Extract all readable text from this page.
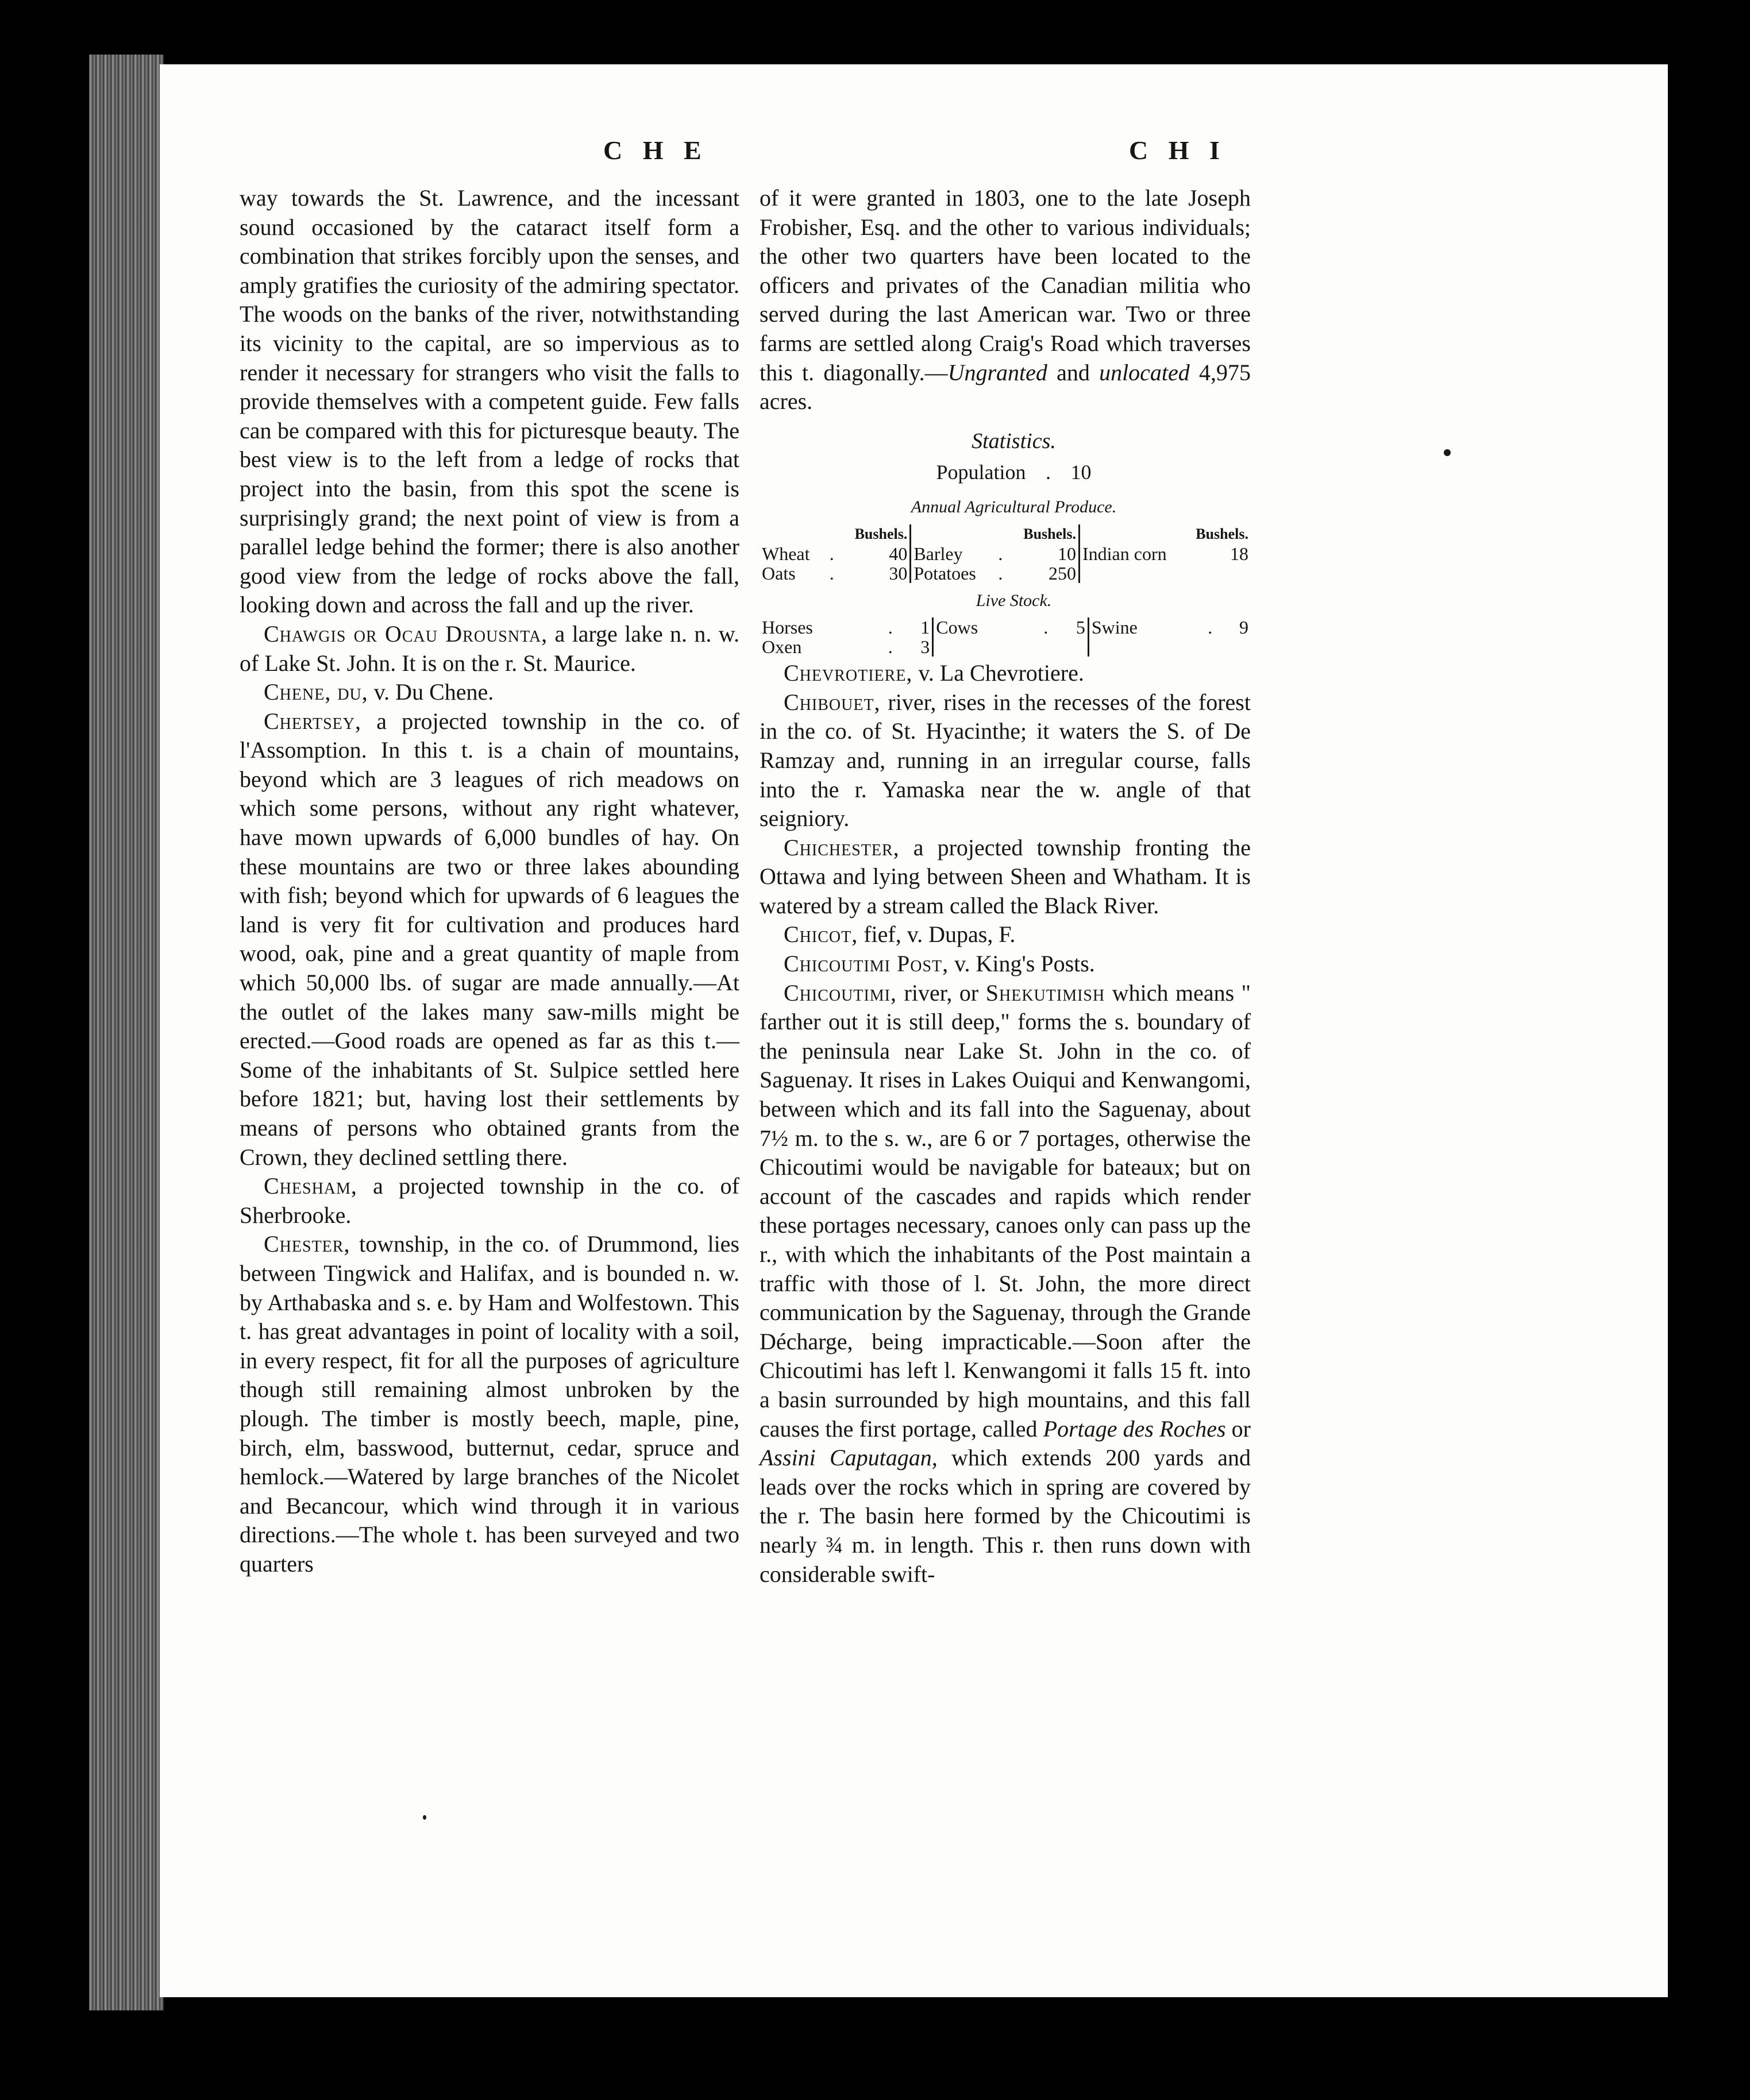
C H E	C H I

way towards the St. Lawrence, and the incessant sound occasioned by the cataract itself form a combination that strikes forcibly upon the senses, and amply gratifies the curiosity of the admiring spectator. The woods on the banks of the river, notwithstanding its vicinity to the capital, are so impervious as to render it necessary for strangers who visit the falls to provide themselves with a competent guide. Few falls can be compared with this for picturesque beauty. The best view is to the left from a ledge of rocks that project into the basin, from this spot the scene is surprisingly grand; the next point of view is from a parallel ledge behind the former; there is also another good view from the ledge of rocks above the fall, looking down and across the fall and up the river.

Chawgis or Ocau Drousnta, a large lake n. n. w. of Lake St. John. It is on the r. St. Maurice.

Chene, du, v. Du Chene.

Chertsey, a projected township in the co. of l'Assomption. In this t. is a chain of mountains, beyond which are 3 leagues of rich meadows on which some persons, without any right whatever, have mown upwards of 6,000 bundles of hay. On these mountains are two or three lakes abounding with fish; beyond which for upwards of 6 leagues the land is very fit for cultivation and produces hard wood, oak, pine and a great quantity of maple from which 50,000 lbs. of sugar are made annually.—At the outlet of the lakes many saw-mills might be erected.—Good roads are opened as far as this t.—Some of the inhabitants of St. Sulpice settled here before 1821; but, having lost their settlements by means of persons who obtained grants from the Crown, they declined settling there.

Chesham, a projected township in the co. of Sherbrooke.

Chester, township, in the co. of Drummond, lies between Tingwick and Halifax, and is bounded n. w. by Arthabaska and s. e. by Ham and Wolfestown. This t. has great advantages in point of locality with a soil, in every respect, fit for all the purposes of agriculture though still remaining almost unbroken by the plough. The timber is mostly beech, maple, pine, birch, elm, basswood, butternut, cedar, spruce and hemlock.—Watered by large branches of the Nicolet and Becancour, which wind through it in various directions.—The whole t. has been surveyed and two quarters

of it were granted in 1803, one to the late Joseph Frobisher, Esq. and the other to various individuals; the other two quarters have been located to the officers and privates of the Canadian militia who served during the last American war. Two or three farms are settled along Craig's Road which traverses this t. diagonally.—Ungranted and unlocated 4,975 acres.

Statistics.
Population . 10
Annual Agricultural Produce.
		Bushels.			Bushels.		Bushels.
Wheat	.	40	Barley	.	10	Indian corn	18
Oats	.	30	Potatoes	.	250		
Live Stock.
Horses	.	1	Cows	.	5	Swine	.	9
Oxen	.	3						

Chevrotiere, v. La Chevrotiere.

Chibouet, river, rises in the recesses of the forest in the co. of St. Hyacinthe; it waters the S. of De Ramzay and, running in an irregular course, falls into the r. Yamaska near the w. angle of that seigniory.

Chichester, a projected township fronting the Ottawa and lying between Sheen and Whatham. It is watered by a stream called the Black River.

Chicot, fief, v. Dupas, F.

Chicoutimi Post, v. King's Posts.

Chicoutimi, river, or Shekutimish which means " farther out it is still deep," forms the s. boundary of the peninsula near Lake St. John in the co. of Saguenay. It rises in Lakes Ouiqui and Kenwangomi, between which and its fall into the Saguenay, about 7½ m. to the s. w., are 6 or 7 portages, otherwise the Chicoutimi would be navigable for bateaux; but on account of the cascades and rapids which render these portages necessary, canoes only can pass up the r., with which the inhabitants of the Post maintain a traffic with those of l. St. John, the more direct communication by the Saguenay, through the Grande Décharge, being impracticable.—Soon after the Chicoutimi has left l. Kenwangomi it falls 15 ft. into a basin surrounded by high mountains, and this fall causes the first portage, called Portage des Roches or Assini Caputagan, which extends 200 yards and leads over the rocks which in spring are covered by the r. The basin here formed by the Chicoutimi is nearly ¾ m. in length. This r. then runs down with considerable swift-
